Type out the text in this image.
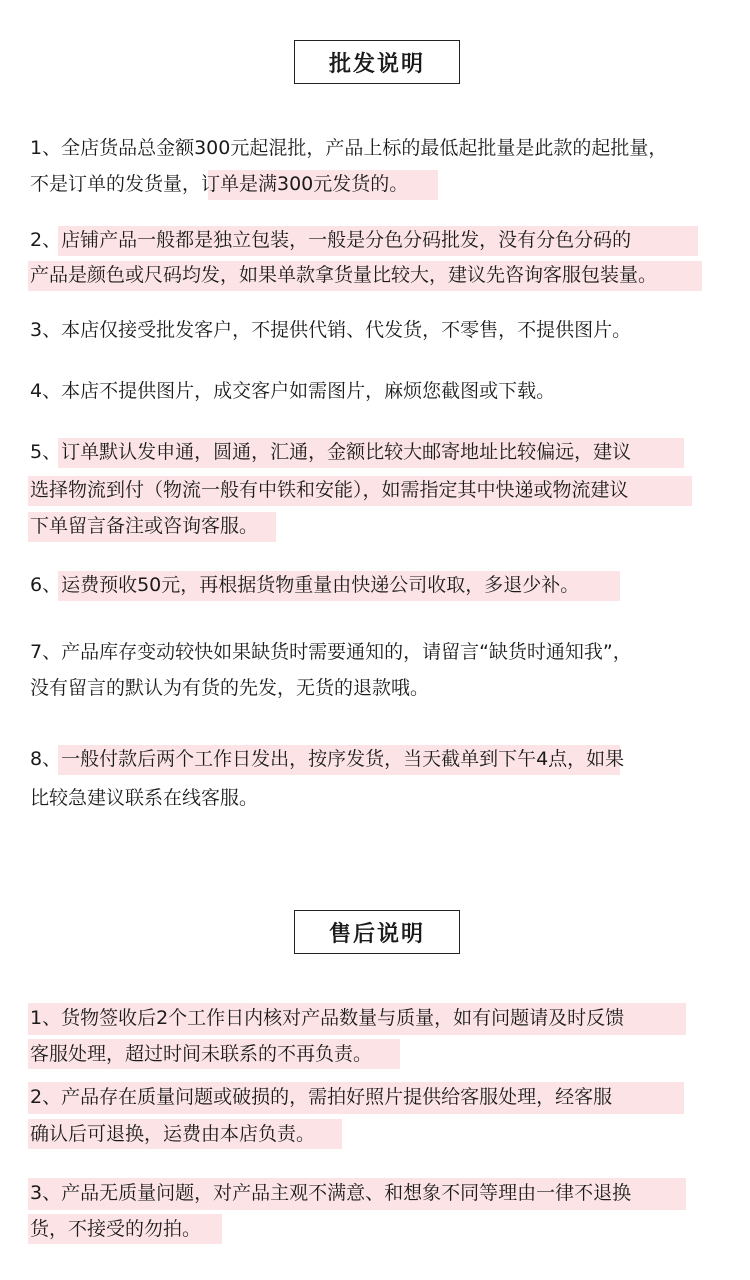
批发说明
1、全店货品总金额300元起混批，产品上标的最低起批量是此款的起批量，
不是订单的发货量，订单是满300元发货的。
2、店铺产品一般都是独立包装，一般是分色分码批发，没有分色分码的
产品是颜色或尺码均发，如果单款拿货量比较大，建议先咨询客服包装量。
3、本店仅接受批发客户，不提供代销、代发货，不零售，不提供图片。
4、本店不提供图片，成交客户如需图片，麻烦您截图或下载。
5、订单默认发申通，圆通，汇通，金额比较大邮寄地址比较偏远，建议
选择物流到付（物流一般有中铁和安能），如需指定其中快递或物流建议
下单留言备注或咨询客服。
6、运费预收50元，再根据货物重量由快递公司收取，多退少补。
7、产品库存变动较快如果缺货时需要通知的，请留言“缺货时通知我”，
没有留言的默认为有货的先发，无货的退款哦。
8、一般付款后两个工作日发出，按序发货，当天截单到下午4点，如果
比较急建议联系在线客服。
售后说明
1、货物签收后2个工作日内核对产品数量与质量，如有问题请及时反馈
客服处理，超过时间未联系的不再负责。
2、产品存在质量问题或破损的，需拍好照片提供给客服处理，经客服
确认后可退换，运费由本店负责。
3、产品无质量问题，对产品主观不满意、和想象不同等理由一律不退换
货，不接受的勿拍。
